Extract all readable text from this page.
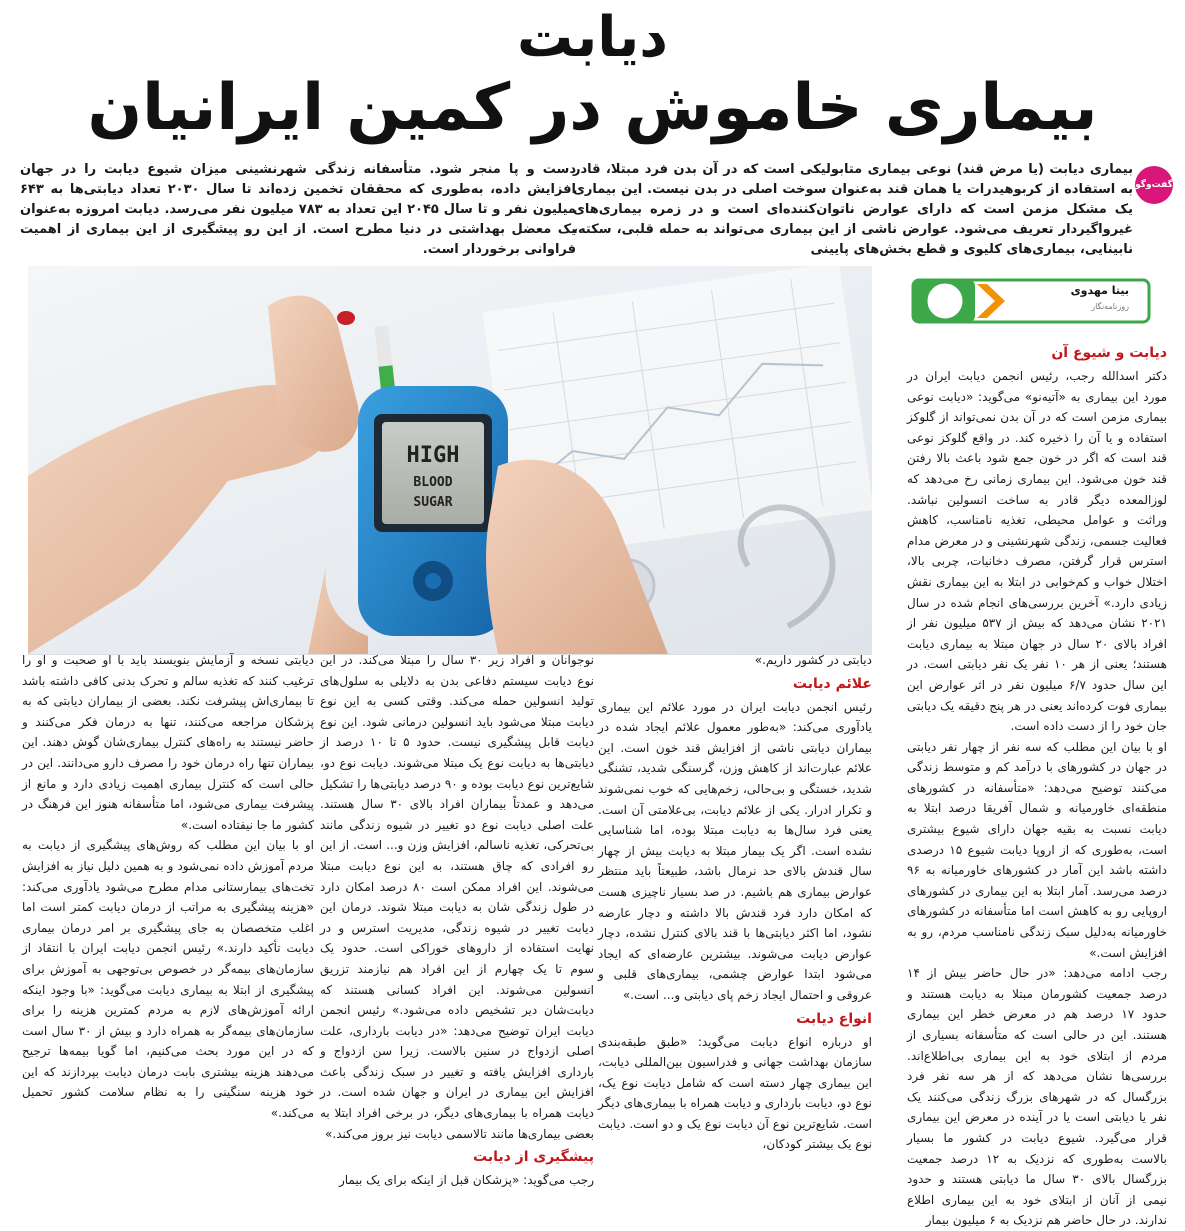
دیابت
بیماری خاموش در کمین ایرانیان
گفت‌وگو
بیماری دیابت (یا مرض قند) نوعی بیماری متابولیکی است که در آن بدن فرد مبتلا، قادر به استفاده از کربوهیدرات یا همان قند به‌عنوان سوخت اصلی در بدن نیست. این بیماری یک مشکل مزمن است که دارای عوارض ناتوان‌کننده‌ای است و در زمره بیماری‌های غیرواگیردار تعریف می‌شود. عوارض ناشی از این بیماری می‌تواند به حمله قلبی، سکته، نابینایی، بیماری‌های کلیوی و قطع بخش‌های پایینی
دست و پا منجر شود. متأسفانه زندگی شهرنشینی میزان شیوع دیابت را در جهان افزایش داده، به‌طوری که محققان تخمین زده‌اند تا سال ۲۰۳۰ تعداد دیابتی‌ها به ۶۴۳ میلیون نفر و تا سال ۲۰۴۵ این تعداد به ۷۸۳ میلیون نفر می‌رسد. دیابت امروزه به‌عنوان یک معضل بهداشتی در دنیا مطرح است. از این رو پیشگیری از این بیماری از اهمیت فراوانی برخوردار است.
HIGH
BLOOD
SUGAR
بیتا مهدوی
روزنامه‌نگار
دیابت و شیوع آن

دکتر اسدالله رجب، رئیس انجمن دیابت ایران در مورد این بیماری به «آتیه‌نو» می‌گوید: «دیابت نوعی بیماری مزمن است که در آن بدن نمی‌تواند از گلوکز استفاده و یا آن را ذخیره کند. در واقع گلوکز نوعی قند است که اگر در خون جمع شود باعث بالا رفتن قند خون می‌شود. این بیماری زمانی رخ می‌دهد که لوزالمعده دیگر قادر به ساخت انسولین نباشد. وراثت و عوامل محیطی، تغذیه نامناسب، کاهش فعالیت جسمی، زندگی شهرنشینی و در معرض مدام استرس قرار گرفتن، مصرف دخانیات، چربی بالا، اختلال خواب و کم‌خوابی در ابتلا به این بیماری نقش زیادی دارد.» آخرین بررسی‌های انجام شده در سال ۲۰۲۱ نشان می‌دهد که بیش از ۵۳۷ میلیون نفر از افراد بالای ۲۰ سال در جهان مبتلا به بیماری دیابت هستند؛ یعنی از هر ۱۰ نفر یک نفر دیابتی است. در این سال حدود ۶/۷ میلیون نفر در اثر عوارض این بیماری فوت کرده‌اند یعنی در هر پنج دقیقه یک دیابتی جان خود را از دست داده است.

او با بیان این مطلب که سه نفر از چهار نفر دیابتی در جهان در کشورهای با درآمد کم و متوسط زندگی می‌کنند توضیح می‌دهد: «متأسفانه در کشورهای منطقه‌ای خاورمیانه و شمال آفریقا درصد ابتلا به دیابت نسبت به بقیه جهان دارای شیوع بیشتری است، به‌طوری که از اروپا دیابت شیوع ۱۵ درصدی داشته باشد این آمار در کشورهای خاورمیانه به ۹۶ درصد می‌رسد. آمار ابتلا به این بیماری در کشورهای اروپایی رو به کاهش است اما متأسفانه در کشورهای خاورمیانه به‌دلیل سبک زندگی نامناسب مردم، رو به افزایش است.»

رجب ادامه می‌دهد: «در حال حاضر بیش از ۱۴ درصد جمعیت کشورمان مبتلا به دیابت هستند و حدود ۱۷ درصد هم در معرض خطر این بیماری هستند. این در حالی است که متأسفانه بسیاری از مردم از ابتلای خود به این بیماری بی‌اطلاع‌اند. بررسی‌ها نشان می‌دهد که از هر سه نفر فرد بزرگسال که در شهرهای بزرگ زندگی می‌کنند یک نفر یا دیابتی است یا در آینده در معرض این بیماری قرار می‌گیرد. شیوع دیابت در کشور ما بسیار بالاست به‌طوری که نزدیک به ۱۲ درصد جمعیت بزرگسال بالای ۳۰ سال ما دیابتی هستند و حدود نیمی از آنان از ابتلای خود به این بیماری اطلاع ندارند. در حال حاضر هم نزدیک به ۶ میلیون بیمار

دیابتی در کشور داریم.»

علائم دیابت

رئیس انجمن دیابت ایران در مورد علائم این بیماری یادآوری می‌کند: «به‌طور معمول علائم ایجاد شده در بیماران دیابتی ناشی از افزایش قند خون است. این علائم عبارت‌اند از کاهش وزن، گرسنگی شدید، تشنگی شدید، خستگی و بی‌حالی، زخم‌هایی که خوب نمی‌شوند و تکرار ادرار. یکی از علائم دیابت، بی‌علامتی آن است. یعنی فرد سال‌ها به دیابت مبتلا بوده، اما شناسایی نشده است. اگر یک بیمار مبتلا به دیابت بیش از چهار سال قندش بالای حد نرمال باشد، طبیعتاً باید منتظر عوارض بیماری هم باشیم. در صد بسیار ناچیزی هست که امکان دارد فرد قندش بالا داشته و دچار عارضه نشود، اما اکثر دیابتی‌ها با قند بالای کنترل نشده، دچار عوارض دیابت می‌شوند. بیشترین عارضه‌ای که ایجاد می‌شود ابتدا عوارض چشمی، بیماری‌های قلبی و عروقی و احتمال ایجاد زخم پای دیابتی و... است.»

انواع دیابت

او درباره انواع دیابت می‌گوید: «طبق طبقه‌بندی سازمان بهداشت جهانی و فدراسیون بین‌المللی دیابت، این بیماری چهار دسته است که شامل دیابت نوع یک، نوع دو، دیابت بارداری و دیابت همراه با بیماری‌های دیگر است. شایع‌ترین نوع آن دیابت نوع یک و دو است. دیابت نوع یک بیشتر کودکان،

نوجوانان و افراد زیر ۳۰ سال را مبتلا می‌کند. در این نوع دیابت سیستم دفاعی بدن به دلایلی به سلول‌های تولید انسولین حمله می‌کند. وقتی کسی به این نوع دیابت مبتلا می‌شود باید انسولین درمانی شود. این نوع دیابت قابل پیشگیری نیست. حدود ۵ تا ۱۰ درصد از دیابتی‌ها به دیابت نوع یک مبتلا می‌شوند. دیابت نوع دو، شایع‌ترین نوع دیابت بوده و ۹۰ درصد دیابتی‌ها را تشکیل می‌دهد و عمدتاً بیماران افراد بالای ۳۰ سال هستند. علت اصلی دیابت نوع دو تغییر در شیوه زندگی مانند بی‌تحرکی، تغذیه ناسالم، افزایش وزن و... است. از این رو افرادی که چاق هستند، به این نوع دیابت مبتلا می‌شوند. این افراد ممکن است ۸۰ درصد امکان دارد در طول زندگی شان به دیابت مبتلا شوند. درمان این دیابت تغییر در شیوه زندگی، مدیریت استرس و در نهایت استفاده از داروهای خوراکی است. حدود یک سوم تا یک چهارم از این افراد هم نیازمند تزریق انسولین می‌شوند. این افراد کسانی هستند که دیابت‌شان دیر تشخیص داده می‌شود.» رئیس انجمن دیابت ایران توضیح می‌دهد: «در دیابت بارداری، علت اصلی ازدواج در سنین بالاست. زیرا سن ازدواج و بارداری افزایش یافته و تغییر در سبک زندگی باعث افزایش این بیماری در ایران و جهان شده است. در دیابت همراه با بیماری‌های دیگر، در برخی افراد ابتلا به بعضی بیماری‌ها مانند تالاسمی دیابت نیز بروز می‌کند.»

پیشگیری از دیابت

رجب می‌گوید: «پزشکان قبل از اینکه برای یک بیمار

دیابتی نسخه و آزمایش بنویسند باید با او صحبت و او را ترغیب کنند که تغذیه سالم و تحرک بدنی کافی داشته باشد تا بیماری‌اش پیشرفت نکند. بعضی از بیماران دیابتی که به پزشکان مراجعه می‌کنند، تنها به درمان فکر می‌کنند و حاضر نیستند به راه‌های کنترل بیماری‌شان گوش دهند. این بیماران تنها راه درمان خود را مصرف دارو می‌دانند. این در حالی است که کنترل بیماری اهمیت زیادی دارد و مانع از پیشرفت بیماری می‌شود، اما متأسفانه هنوز این فرهنگ در کشور ما جا نیفتاده است.»

او با بیان این مطلب که روش‌های پیشگیری از دیابت به مردم آموزش داده نمی‌شود و به همین دلیل نیاز به افزایش تخت‌های بیمارستانی مدام مطرح می‌شود یادآوری می‌کند: «هزینه پیشگیری به مراتب از درمان دیابت کمتر است اما اغلب متخصصان به جای پیشگیری بر امر درمان بیماری دیابت تأکید دارند.» رئیس انجمن دیابت ایران با انتقاد از سازمان‌های بیمه‌گر در خصوص بی‌توجهی به آموزش برای پیشگیری از ابتلا به بیماری دیابت می‌گوید: «با وجود اینکه ارائه آموزش‌های لازم به مردم کمترین هزینه را برای سازمان‌های بیمه‌گر به همراه دارد و بیش از ۳۰ سال است که در این مورد بحث می‌کنیم، اما گویا بیمه‌ها ترجیح می‌دهند هزینه بیشتری بابت درمان دیابت بپردازند که این خود هزینه سنگینی را به نظام سلامت کشور تحمیل می‌کند.»
